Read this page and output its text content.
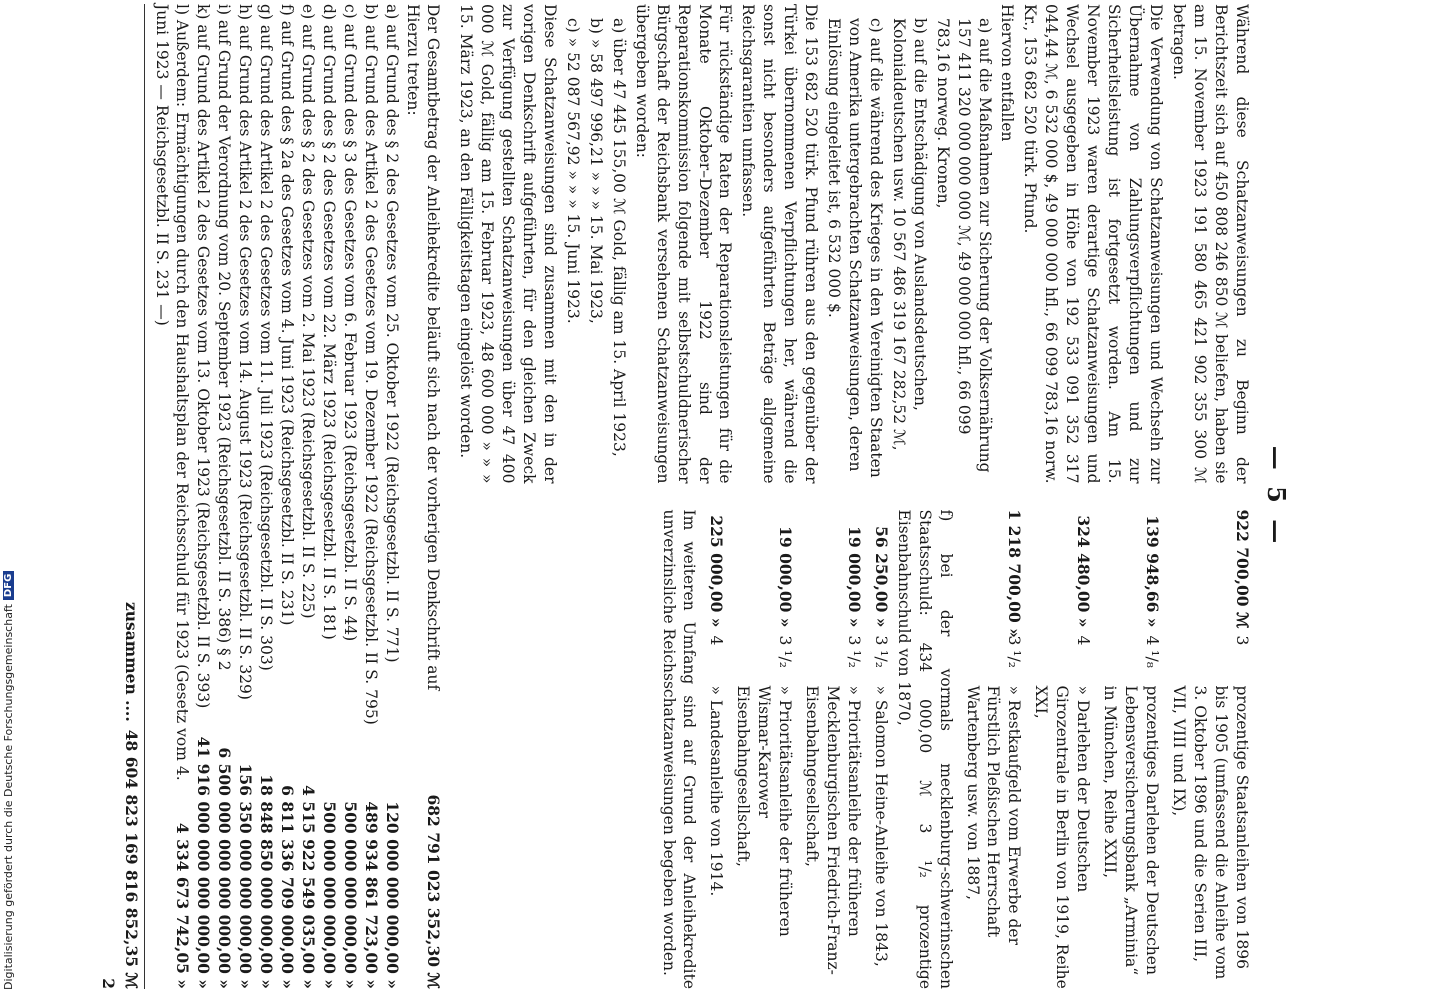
— 5 —

Während diese Schatzanweisungen zu Beginn der Berichtszeit sich auf 450 808 246 850 ℳ beliefen, haben sie am 15. November 1923 191 580 465 421 902 355 300 ℳ betragen.

Die Verwendung von Schatzanweisungen und Wechseln zur Übernahme von Zahlungsverpflichtungen und zur Sicherheitsleistung ist fortgesetzt worden. Am 15. November 1923 waren derartige Schatzanweisungen und Wechsel ausgegeben in Höhe von 192 533 091 352 317 044,44 ℳ, 6 532 000 $, 49 000 000 hfl., 66 099 783,16 norw. Kr., 153 682 520 türk. Pfund.

Hiervon entfallen

a) auf die Maßnahmen zur Sicherung der Volksernährung 157 411 320 000 000 000 ℳ, 49 000 000 hfl., 66 099 783,16 norweg. Kronen,
b) auf die Entschädigung von Auslandsdeutschen, Kolonialdeutschen usw. 10 567 486 319 167 282,52 ℳ,
c) auf die während des Krieges in den Vereinigten Staaten von Amerika untergebrachten Schatzanweisungen, deren Einlösung eingeleitet ist, 6 532 000 $.

Die 153 682 520 türk. Pfund rühren aus den gegenüber der Türkei übernommenen Verpflichtungen her, während die sonst nicht besonders aufgeführten Beträge allgemeine Reichsgarantien umfassen.

Für rückständige Raten der Reparationsleistungen für die Monate Oktober–Dezember 1922 sind der Reparationskommission folgende mit selbstschuldnerischer Bürgschaft der Reichsbank versehenen Schatzanweisungen übergeben worden:

a) über 47 445 155,00 ℳ Gold, fällig am 15. April 1923,
b) » 58 497 996,21 » » » 15. Mai 1923,
c) » 52 087 567,92 » » » 15. Juni 1923.

Diese Schatzanweisungen sind zusammen mit den in der vorigen Denkschrift aufgeführten, für den gleichen Zweck zur Verfügung gestellten Schatzanweisungen über 47 400 000 ℳ Gold, fällig am 15. Februar 1923, 48 600 000 » » » 15. März 1923, an den Fälligkeitstagen eingelöst worden.

922 700,00 ℳ
3
prozentige Staatsanleihen von 1896 bis 1905 (umfassend die Anleihe vom 3. Oktober 1896 und die Serien III, VII, VIII und IX),
139 948,66 »
4 ¹/₈
prozentiges Darlehen der Deutschen Lebensversicherungsbank „Arminia“ in München, Reihe XXII,
324 480,00 »
4
» Darlehen der Deutschen Girozentrale in Berlin von 1919, Reihe XXI,
1 218 700,00 »
3 ¹/₂
» Restkaufgeld vom Erwerbe der Fürstlich Pleßischen Herrschaft Wartenberg usw. von 1887,

f) bei der vormals mecklenburg-schwerinschen Staatsschuld: 434 000,00 ℳ 3 ¹/₂ prozentige Eisenbahnschuld von 1870,

56 250,00 »
3 ¹/₂
» Salomon Heine-Anleihe von 1843,
19 000,00 »
3 ¹/₂
» Prioritätsanleihe der früheren Mecklenburgischen Friedrich-Franz-Eisenbahngesellschaft,
19 000,00 »
3 ¹/₂
» Prioritätsanleihe der früheren Wismar-Karower Eisenbahngesellschaft,
225 000,00 »
4
» Landesanleihe von 1914.

Im weiteren Umfang sind auf Grund der Anleihekredite unverzinsliche Reichsschatzanweisungen begeben worden.

Der Gesamtbetrag der Anleihekredite beläuft sich nach der vorherigen Denkschrift auf
682 791 023 352,30 ℳ
Hierzu treten:
a) auf Grund des § 2 des Gesetzes vom 25. Oktober 1922 (Reichsgesetzbl. II S. 771)
120 000 000 000,00 »
b) auf Grund des Artikel 2 des Gesetzes vom 19. Dezember 1922 (Reichsgesetzbl. II S. 795)
489 934 861 723,00 »
c) auf Grund des § 3 des Gesetzes vom 6. Februar 1923 (Reichsgesetzbl. II S. 44)
500 000 000 000,00 »
d) auf Grund des § 2 des Gesetzes vom 22. März 1923 (Reichsgesetzbl. II S. 181)
500 000 000 000,00 »
e) auf Grund des § 2 des Gesetzes vom 2. Mai 1923 (Reichsgesetzbl. II S. 225)
4 515 922 549 035,00 »
f) auf Grund des § 2a des Gesetzes vom 4. Juni 1923 (Reichsgesetzbl. II S. 231)
6 811 336 709 000,00 »
g) auf Grund des Artikel 2 des Gesetzes vom 11. Juli 1923 (Reichsgesetzbl. II S. 303)
18 848 850 000 000,00 »
h) auf Grund des Artikel 2 des Gesetzes vom 14. August 1923 (Reichsgesetzbl. II S. 329)
156 350 000 000 000,00 »
i) auf Grund der Verordnung vom 20. September 1923 (Reichsgesetzbl. II S. 386) § 2
6 500 000 000 000 000,00 »
k) auf Grund des Artikel 2 des Gesetzes vom 13. Oktober 1923 (Reichsgesetzbl. II S. 393)
41 916 000 000 000 000,00 »
l) Außerdem: Ermächtigungen durch den Haushaltsplan der Reichsschuld für 1923 (Gesetz vom 4. Juni 1923 — Reichsgesetzbl. II S. 231 —)
4 334 673 742,05 »
zusammen ....
48 604 823 169 816 852,35 ℳ
2
Digitalisierung gefördert durch die Deutsche Forschungsgemeinschaft
DFG
